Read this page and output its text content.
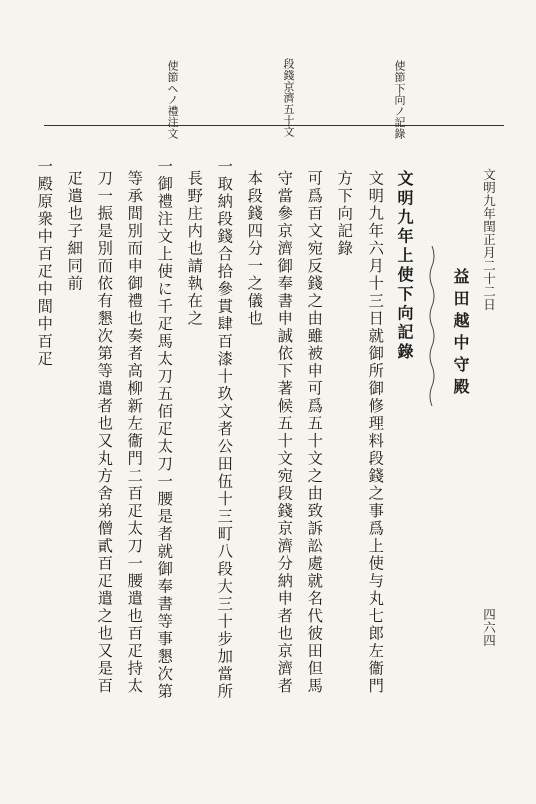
文明九年閏正月二十二日
四六四
使節下向ノ記錄
段錢京濟五十文
使節ヘノ禮注文
益田越中守殿
文明九年上使下向記錄
文明九年六月十三日就御所御修理料段錢之事爲上使与丸七郎左衞門
方下向記錄
可爲百文宛反錢之由雖被申可爲五十文之由致訴訟處就名代彼田但馬
守當參京濟御奉書申誠依下著候五十文宛段錢京濟分納申者也京濟者
本段錢四分一之儀也
一取納段錢合拾參貫肆百漆十玖文者公田伍十三町八段大三十步加當所
長野庄内也請執在之
一御禮注文上使に千疋馬太刀五佰疋太刀一腰是者就御奉書等事懇次第
等承間別而申御禮也奏者高柳新左衞門二百疋太刀一腰遣也百疋持太
刀一振是別而依有懇次第等遣者也又丸方舍弟僧貳百疋遣之也又是百
疋遣也子細同前
一殿原衆中百疋中間中百疋
